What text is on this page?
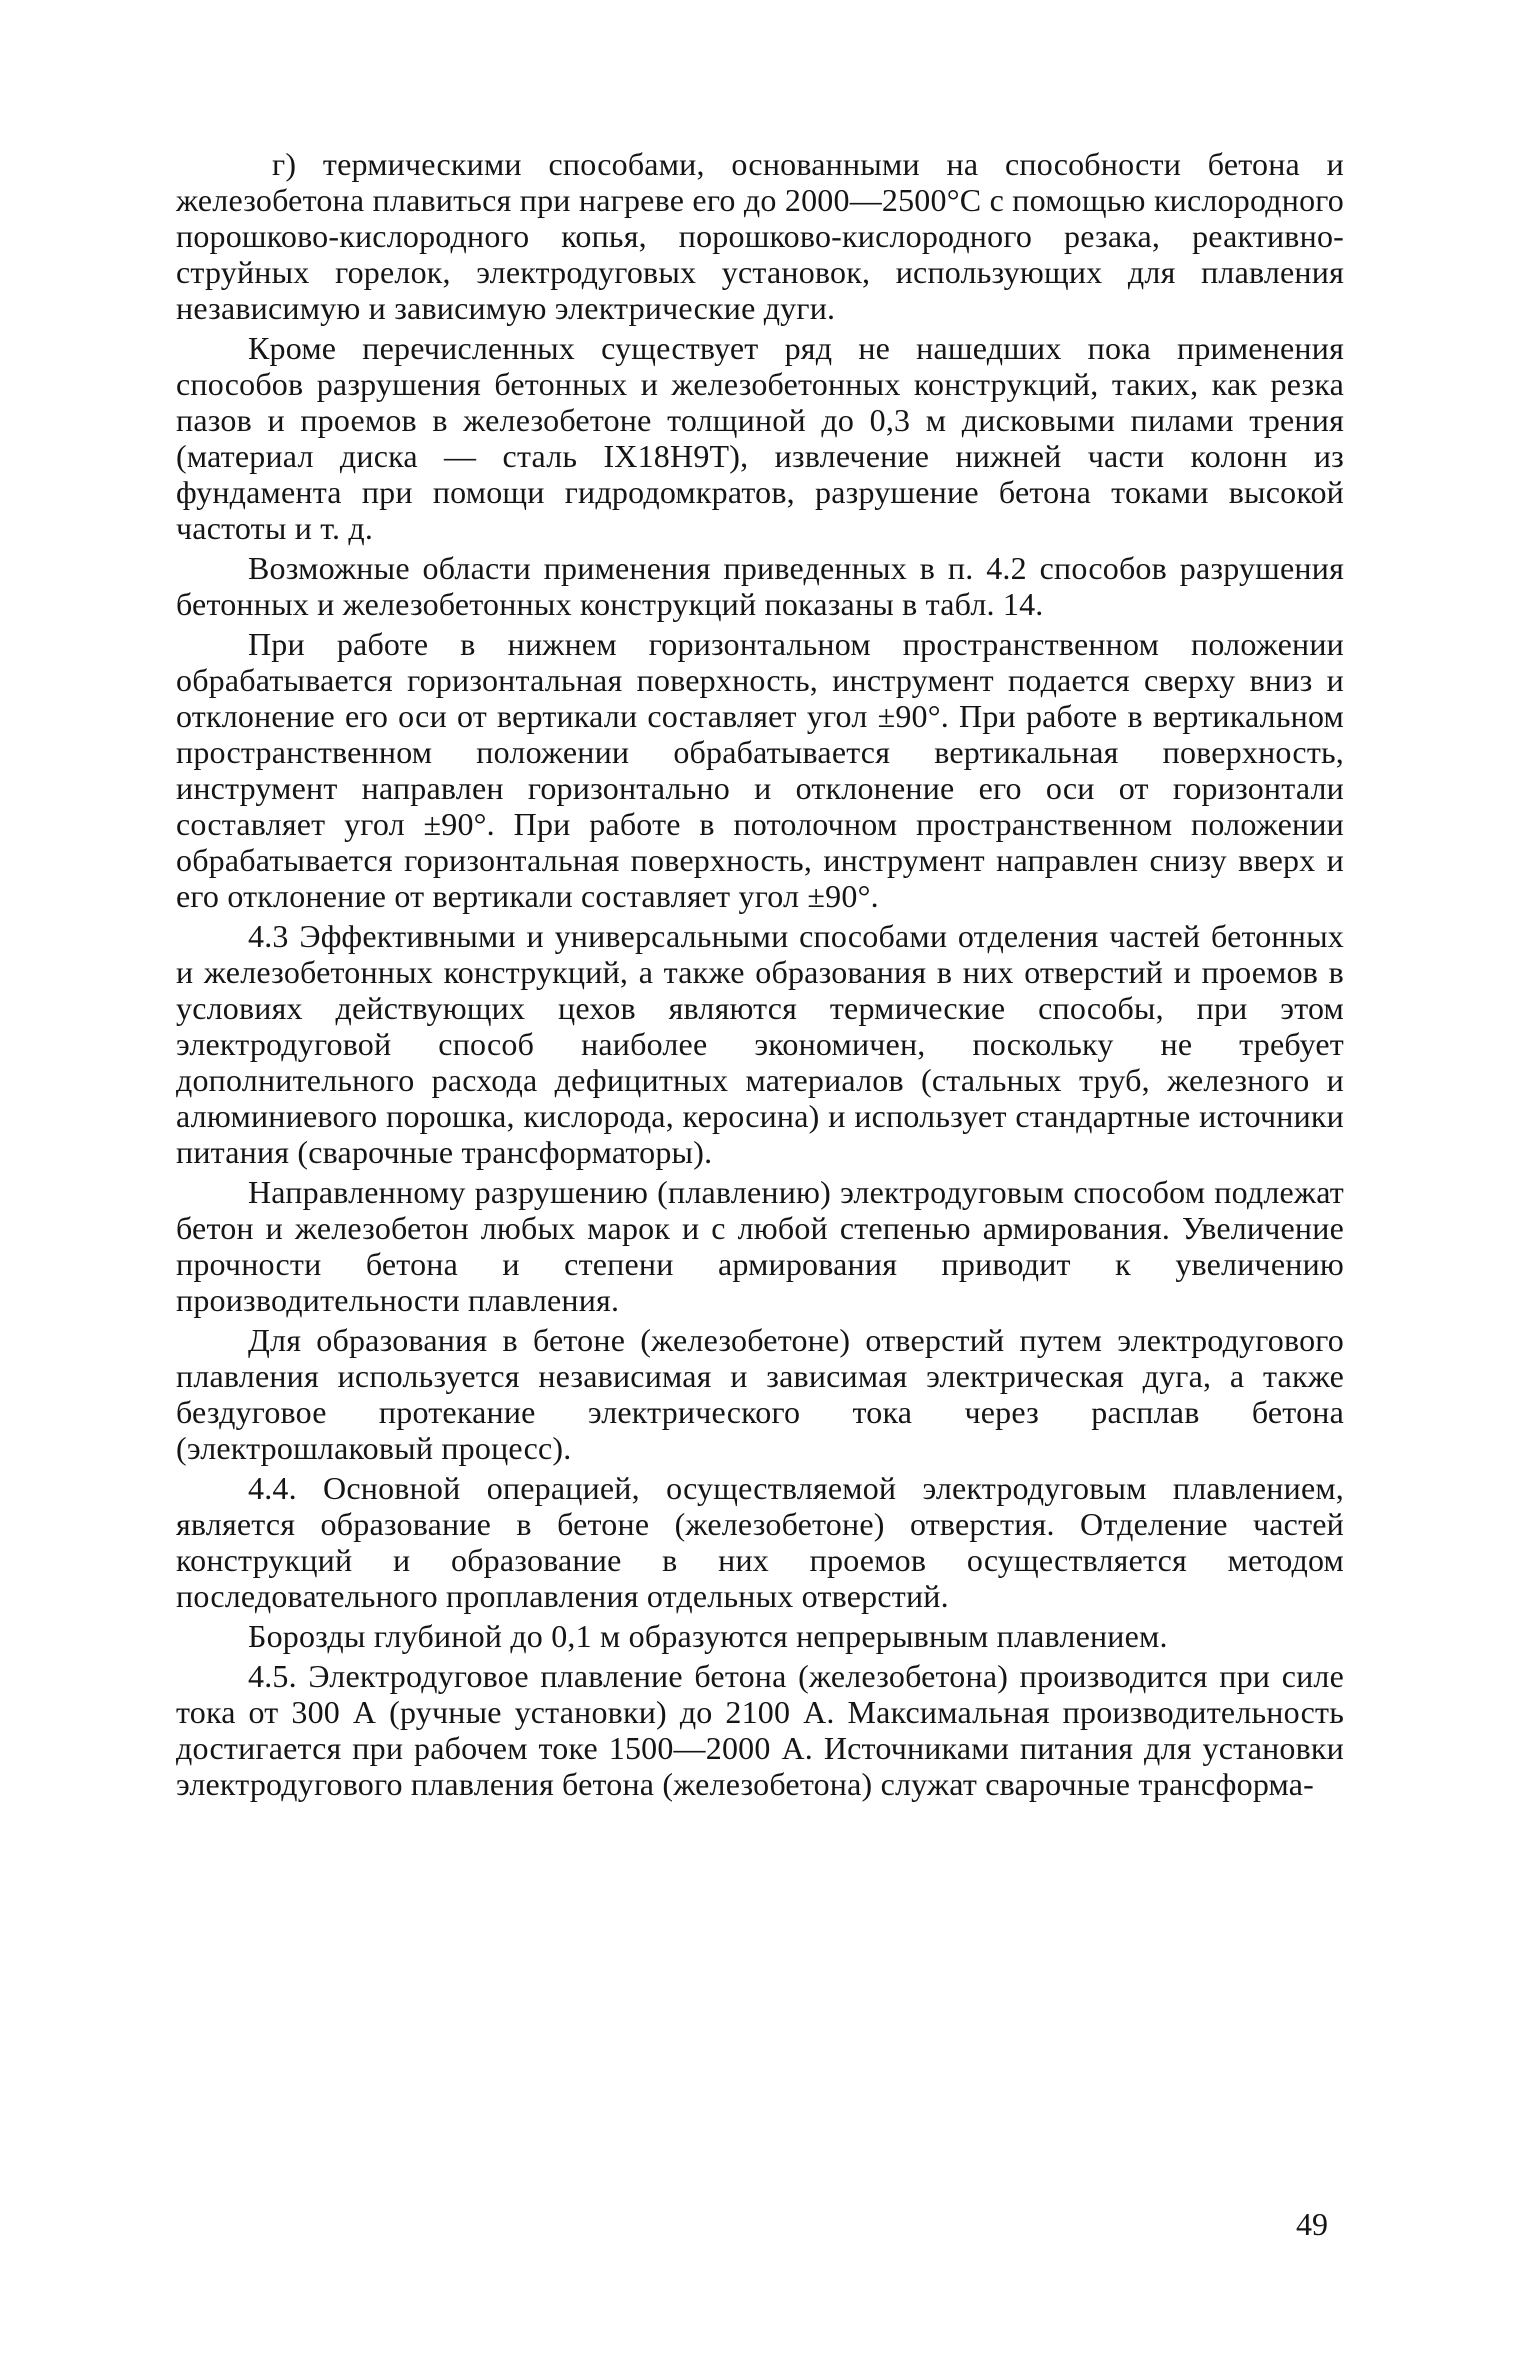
г) термическими способами, основанными на способности бетона и железобетона плавиться при нагреве его до 2000—2500°С с помощью кислородного порошково-кислородного копья, порошково-кислородного резака, реактивно-струйных горелок, электродуговых установок, использующих для плавления независимую и зависимую электрические дуги.

Кроме перечисленных существует ряд не нашедших пока применения способов разрушения бетонных и железобетонных конструкций, таких, как резка пазов и проемов в железобетоне толщиной до 0,3 м дисковыми пилами трения (материал диска — сталь IX18Н9Т), извлечение нижней части колонн из фундамента при помощи гидродомкратов, разрушение бетона токами высокой частоты и т. д.

Возможные области применения приведенных в п. 4.2 способов разрушения бетонных и железобетонных конструкций показаны в табл. 14.

При работе в нижнем горизонтальном пространственном положении обрабатывается горизонтальная поверхность, инструмент подается сверху вниз и отклонение его оси от вертикали составляет угол ±90°. При работе в вертикальном пространственном положении обрабатывается вертикальная поверхность, инструмент направлен горизонтально и отклонение его оси от горизонтали составляет угол ±90°. При работе в потолочном пространственном положении обрабатывается горизонтальная поверхность, инструмент направлен снизу вверх и его отклонение от вертикали составляет угол ±90°.

4.3 Эффективными и универсальными способами отделения частей бетонных и железобетонных конструкций, а также образования в них отверстий и проемов в условиях действующих цехов являются термические способы, при этом электродуговой способ наиболее экономичен, поскольку не требует дополнительного расхода дефицитных материалов (стальных труб, железного и алюминиевого порошка, кислорода, керосина) и использует стандартные источники питания (сварочные трансформаторы).

Направленному разрушению (плавлению) электродуговым способом подлежат бетон и железобетон любых марок и с любой степенью армирования. Увеличение прочности бетона и степени армирования приводит к увеличению производительности плавления.

Для образования в бетоне (железобетоне) отверстий путем электродугового плавления используется независимая и зависимая электрическая дуга, а также бездуговое протекание электрического тока через расплав бетона (электрошлаковый процесс).

4.4. Основной операцией, осуществляемой электродуговым плавлением, является образование в бетоне (железобетоне) отверстия. Отделение частей конструкций и образование в них проемов осуществляется методом последовательного проплавления отдельных отверстий.

Борозды глубиной до 0,1 м образуются непрерывным плавлением.

4.5. Электродуговое плавление бетона (железобетона) производится при силе тока от 300 А (ручные установки) до 2100 А. Максимальная производительность достигается при рабочем токе 1500—2000 А. Источниками питания для установки электродугового плавления бетона (железобетона) служат сварочные трансформа-

49
